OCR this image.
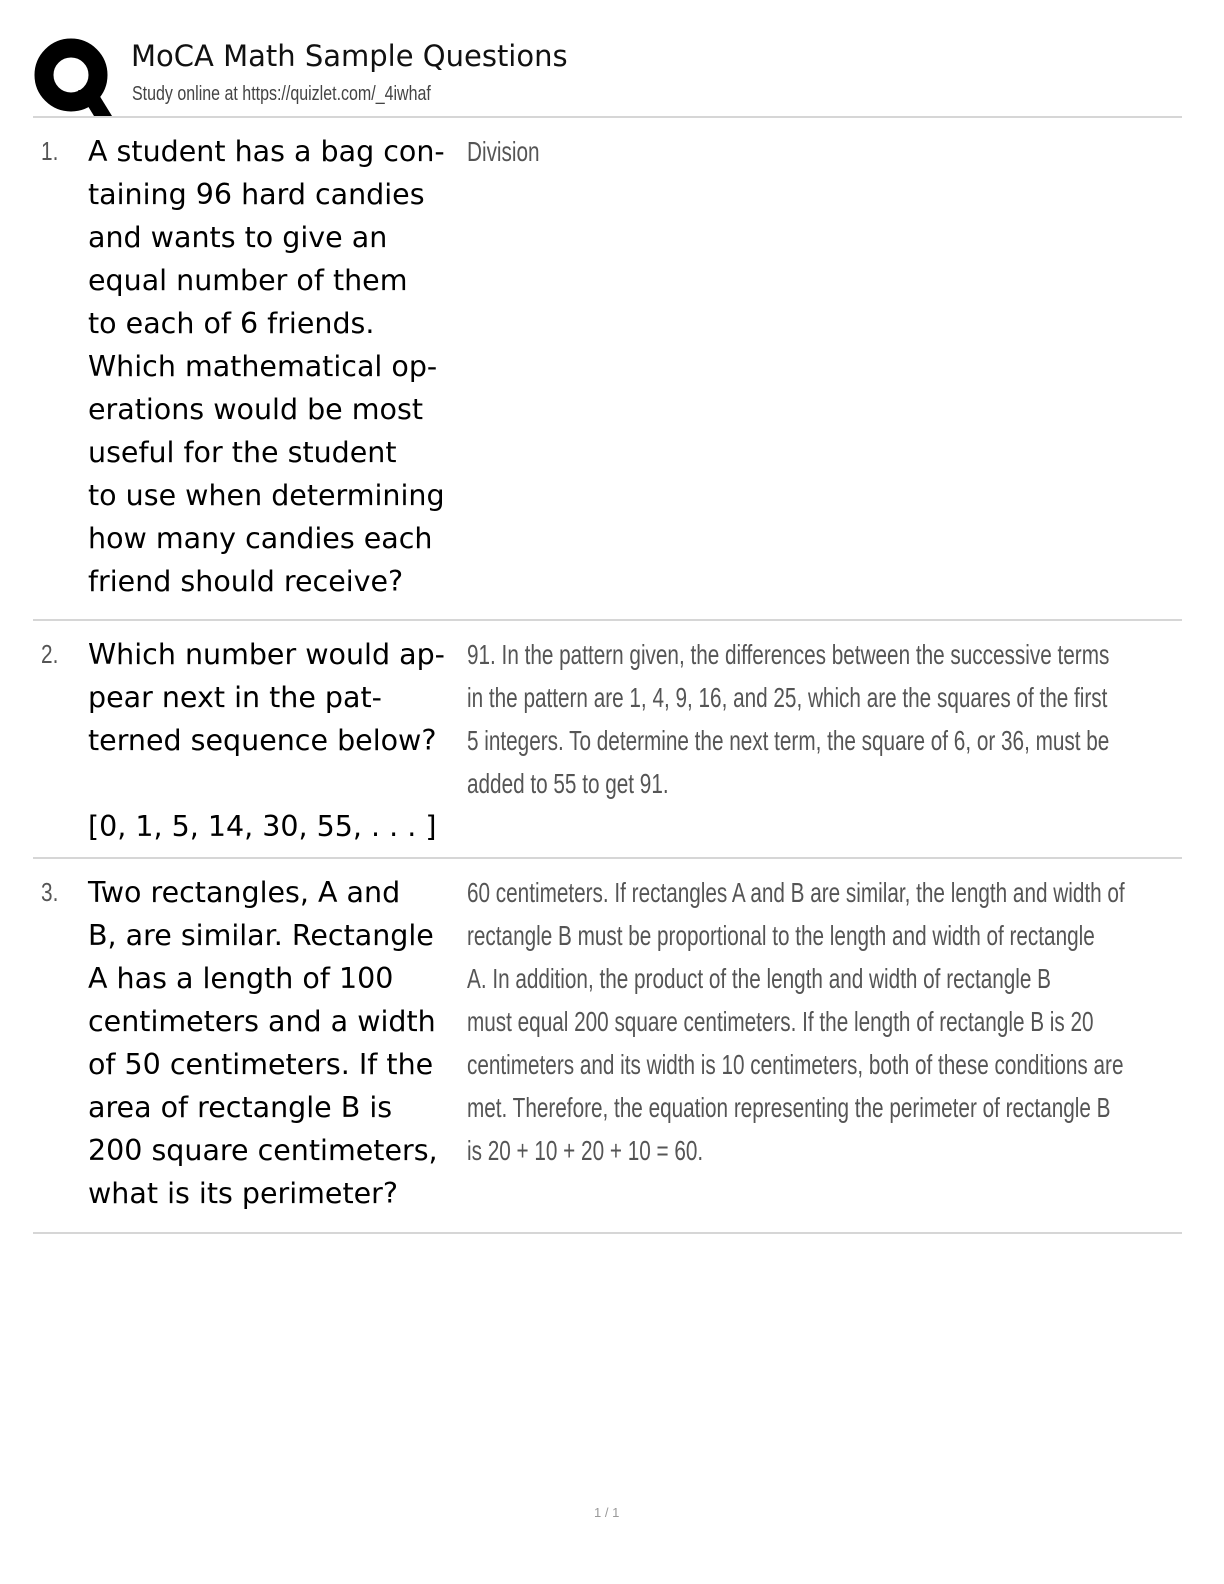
MoCA Math Sample Questions
Study online at https://quizlet.com/_4iwhaf
1. A student has a bag con-
taining 96 hard candies
and wants to give an
equal number of them
to each of 6 friends.
Which mathematical op-
erations would be most
useful for the student
to use when determining
how many candies each
friend should receive?
Division
2. Which number would ap-
pear next in the pat-
terned sequence below?
[0, 1, 5, 14, 30, 55, . . . ]
91. In the pattern given, the differences between the successive terms
in the pattern are 1, 4, 9, 16, and 25, which are the squares of the first
5 integers. To determine the next term, the square of 6, or 36, must be
added to 55 to get 91.
3. Two rectangles, A and
B, are similar. Rectangle
A has a length of 100
centimeters and a width
of 50 centimeters. If the
area of rectangle B is
200 square centimeters,
what is its perimeter?
60 centimeters. If rectangles A and B are similar, the length and width of
rectangle B must be proportional to the length and width of rectangle
A. In addition, the product of the length and width of rectangle B
must equal 200 square centimeters. If the length of rectangle B is 20
centimeters and its width is 10 centimeters, both of these conditions are
met. Therefore, the equation representing the perimeter of rectangle B
is 20 + 10 + 20 + 10 = 60.
1 / 1
